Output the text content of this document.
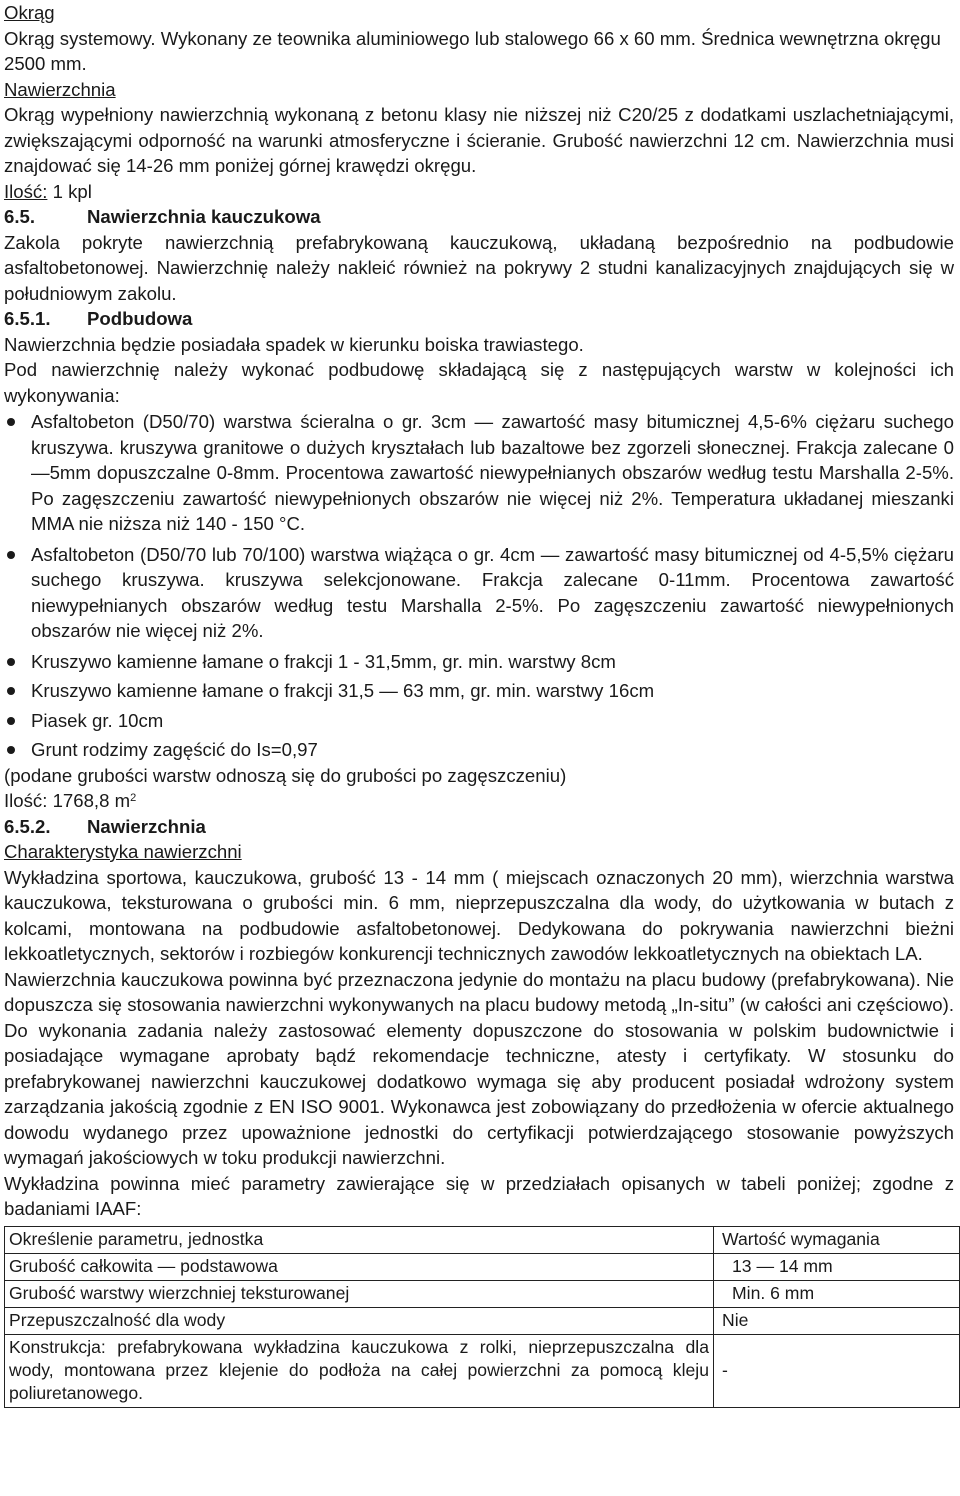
Okrąg

Okrąg systemowy. Wykonany ze teownika aluminiowego lub stalowego 66 x 60 mm. Średnica wewnętrzna okręgu 2500 mm.

Nawierzchnia

Okrąg wypełniony nawierzchnią wykonaną z betonu klasy nie niższej niż C20/25 z dodatkami uszlachetniającymi, zwiększającymi odporność na warunki atmosferyczne i ścieranie. Grubość nawierzchni 12 cm. Nawierzchnia musi znajdować się 14-26 mm poniżej górnej krawędzi okręgu.

Ilość: 1 kpl

6.5.	Nawierzchnia kauczukowa

Zakola pokryte nawierzchnią prefabrykowaną kauczukową, układaną bezpośrednio na podbudowie asfaltobetonowej. Nawierzchnię należy nakleić również na pokrywy 2 studni kanalizacyjnych znajdujących się w południowym zakolu.

6.5.1. Podbudowa

Nawierzchnia będzie posiadała spadek w kierunku boiska trawiastego.

Pod nawierzchnię należy wykonać podbudowę składającą się z następujących warstw w kolejności ich wykonywania:

Asfaltobeton (D50/70) warstwa ścieralna o gr. 3cm — zawartość masy bitumicznej 4,5-6% ciężaru suchego kruszywa. kruszywa granitowe o dużych kryształach lub bazaltowe bez zgorzeli słonecznej. Frakcja zalecane 0—5mm dopuszczalne 0-8mm. Procentowa zawartość niewypełnianych obszarów według testu Marshalla 2-5%. Po zagęszczeniu zawartość niewypełnionych obszarów nie więcej niż 2%. Temperatura układanej mieszanki MMA nie niższa niż 140 - 150 °C.
Asfaltobeton (D50/70 lub 70/100) warstwa wiążąca o gr. 4cm — zawartość masy bitumicznej od 4-5,5% ciężaru suchego kruszywa. kruszywa selekcjonowane. Frakcja zalecane 0-11mm. Procentowa zawartość niewypełnianych obszarów według testu Marshalla 2-5%. Po zagęszczeniu zawartość niewypełnionych obszarów nie więcej niż 2%.
Kruszywo kamienne łamane o frakcji 1 - 31,5mm, gr. min. warstwy 8cm
Kruszywo kamienne łamane o frakcji 31,5 — 63 mm, gr. min. warstwy 16cm
Piasek gr. 10cm
Grunt rodzimy zagęścić do Is=0,97

(podane grubości warstw odnoszą się do grubości po zagęszczeniu)

Ilość: 1768,8 $m^2$

6.5.2. Nawierzchnia

Charakterystyka nawierzchni

Wykładzina sportowa, kauczukowa, grubość 13 - 14 mm ( miejscach oznaczonych 20 mm), wierzchnia warstwa kauczukowa, teksturowana o grubości min. 6 mm, nieprzepuszczalna dla wody, do użytkowania w butach z kolcami, montowana na podbudowie asfaltobetonowej. Dedykowana do pokrywania nawierzchni bieżni lekkoatletycznych, sektorów i rozbiegów konkurencji technicznych zawodów lekkoatletycznych na obiektach LA.

Nawierzchnia kauczukowa powinna być przeznaczona jedynie do montażu na placu budowy (prefabrykowana). Nie dopuszcza się stosowania nawierzchni wykonywanych na placu budowy metodą „In-situ” (w całości ani częściowo). Do wykonania zadania należy zastosować elementy dopuszczone do stosowania w polskim budownictwie i posiadające wymagane aprobaty bądź rekomendacje techniczne, atesty i certyfikaty. W stosunku do prefabrykowanej nawierzchni kauczukowej dodatkowo wymaga się aby producent posiadał wdrożony system zarządzania jakością zgodnie z EN ISO 9001. Wykonawca jest zobowiązany do przedłożenia w ofercie aktualnego dowodu wydanego przez upoważnione jednostki do certyfikacji potwierdzającego stosowanie powyższych wymagań jakościowych w toku produkcji nawierzchni.

Wykładzina powinna mieć parametry zawierające się w przedziałach opisanych w tabeli poniżej; zgodne z badaniami IAAF:

Określenie parametru, jednostka	Wartość wymagania
Grubość całkowita — podstawowa	13 — 14 mm
Grubość warstwy wierzchniej teksturowanej	Min. 6 mm
Przepuszczalność dla wody	Nie
Konstrukcja: prefabrykowana wykładzina kauczukowa z rolki, nieprzepuszczalna dla wody, montowana przez klejenie do podłoża na całej powierzchni za pomocą kleju poliuretanowego.	-
